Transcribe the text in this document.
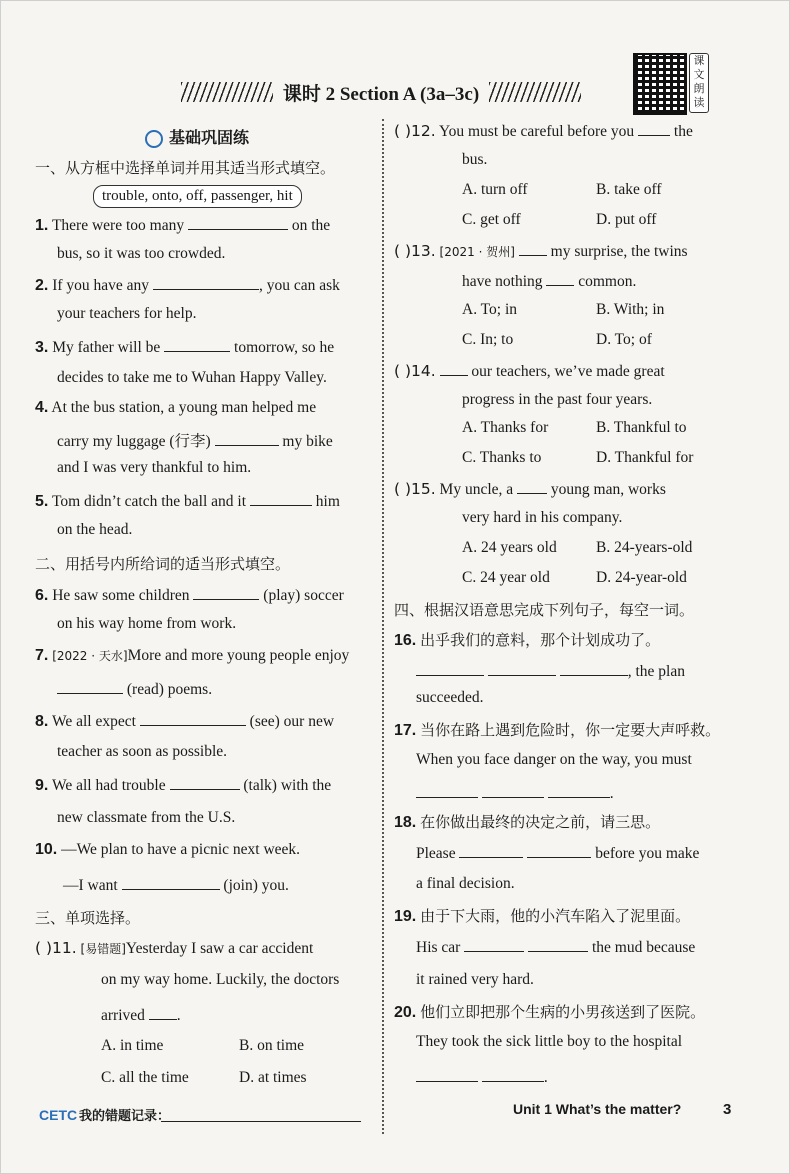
课时 2 Section A (3a–3c)
课文朗读
基础巩固练
一、从方框中选择单词并用其适当形式填空。
trouble, onto, off, passenger, hit
1. There were too many	on the
bus, so it was too crowded.
2. If you have any	, you can ask
your teachers for help.
3. My father will be	tomorrow, so he
decides to take me to Wuhan Happy Valley.
4. At the bus station, a young man helped me
carry my luggage (行李)	my bike
and I was very thankful to him.
5. Tom didn’t catch the ball and it	him
on the head.
二、用括号内所给词的适当形式填空。
6. He saw some children	(play) soccer
on his way home from work.
7. [2022 · 天水]More and more young people enjoy
(read) poems.
8. We all expect	(see) our new
teacher as soon as possible.
9. We all had trouble	(talk) with the
new classmate from the U.S.
10. —We plan to have a picnic next week.
—I want	(join) you.
三、单项选择。
( )11. [易错题]Yesterday I saw a car accident
on my way home. Luckily, the doctors
arrived .
A. in time	B. on time
C. all the time	D. at times
( )12. You must be careful before you	the
bus.
A. turn off	B. take off
C. get off	D. put off
( )13. [2021 · 贺州] my surprise, the twins
have nothing common.
A. To; in	B. With; in
C. In; to	D. To; of
( )14. our teachers, we’ve made great
progress in the past four years.
A. Thanks for	B. Thankful to
C. Thanks to	D. Thankful for
( )15. My uncle, a young man, works
very hard in his company.
A. 24 years old	B. 24-years-old
C. 24 year old	D. 24-year-old
四、根据汉语意思完成下列句子，每空一词。
16. 出乎我们的意料，那个计划成功了。
, the plan
succeeded.
17. 当你在路上遇到危险时，你一定要大声呼救。
When you face danger on the way, you must
.
18. 在你做出最终的决定之前，请三思。
Please	before you make
a final decision.
19. 由于下大雨，他的小汽车陷入了泥里面。
His car	the mud because
it rained very hard.
20. 他们立即把那个生病的小男孩送到了医院。
They took the sick little boy to the hospital
.
CETC 我的错题记录：	Unit 1 What’s the matter?	3
